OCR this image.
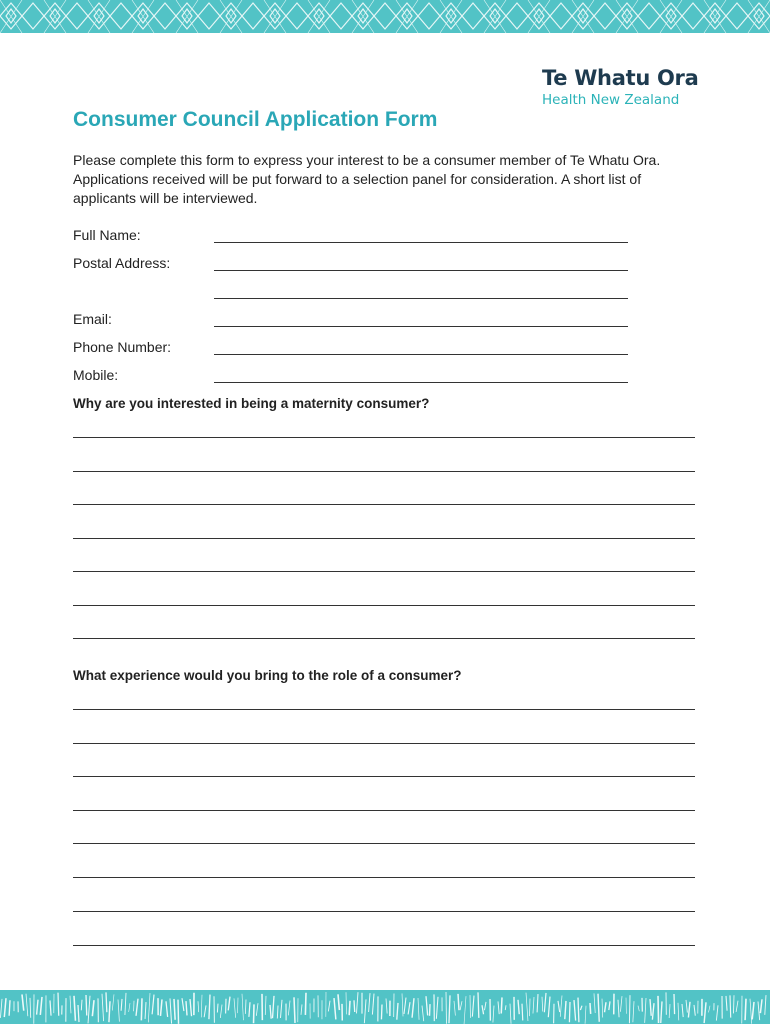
Te Whatu Ora
Health New Zealand
Consumer Council Application Form

Please complete this form to express your interest to be a consumer member of Te Whatu Ora. Applications received will be put forward to a selection panel for consideration. A short list of applicants will be interviewed.

Full Name:
Postal Address:
Email:
Phone Number:
Mobile:
Why are you interested in being a maternity consumer?
What experience would you bring to the role of a consumer?
